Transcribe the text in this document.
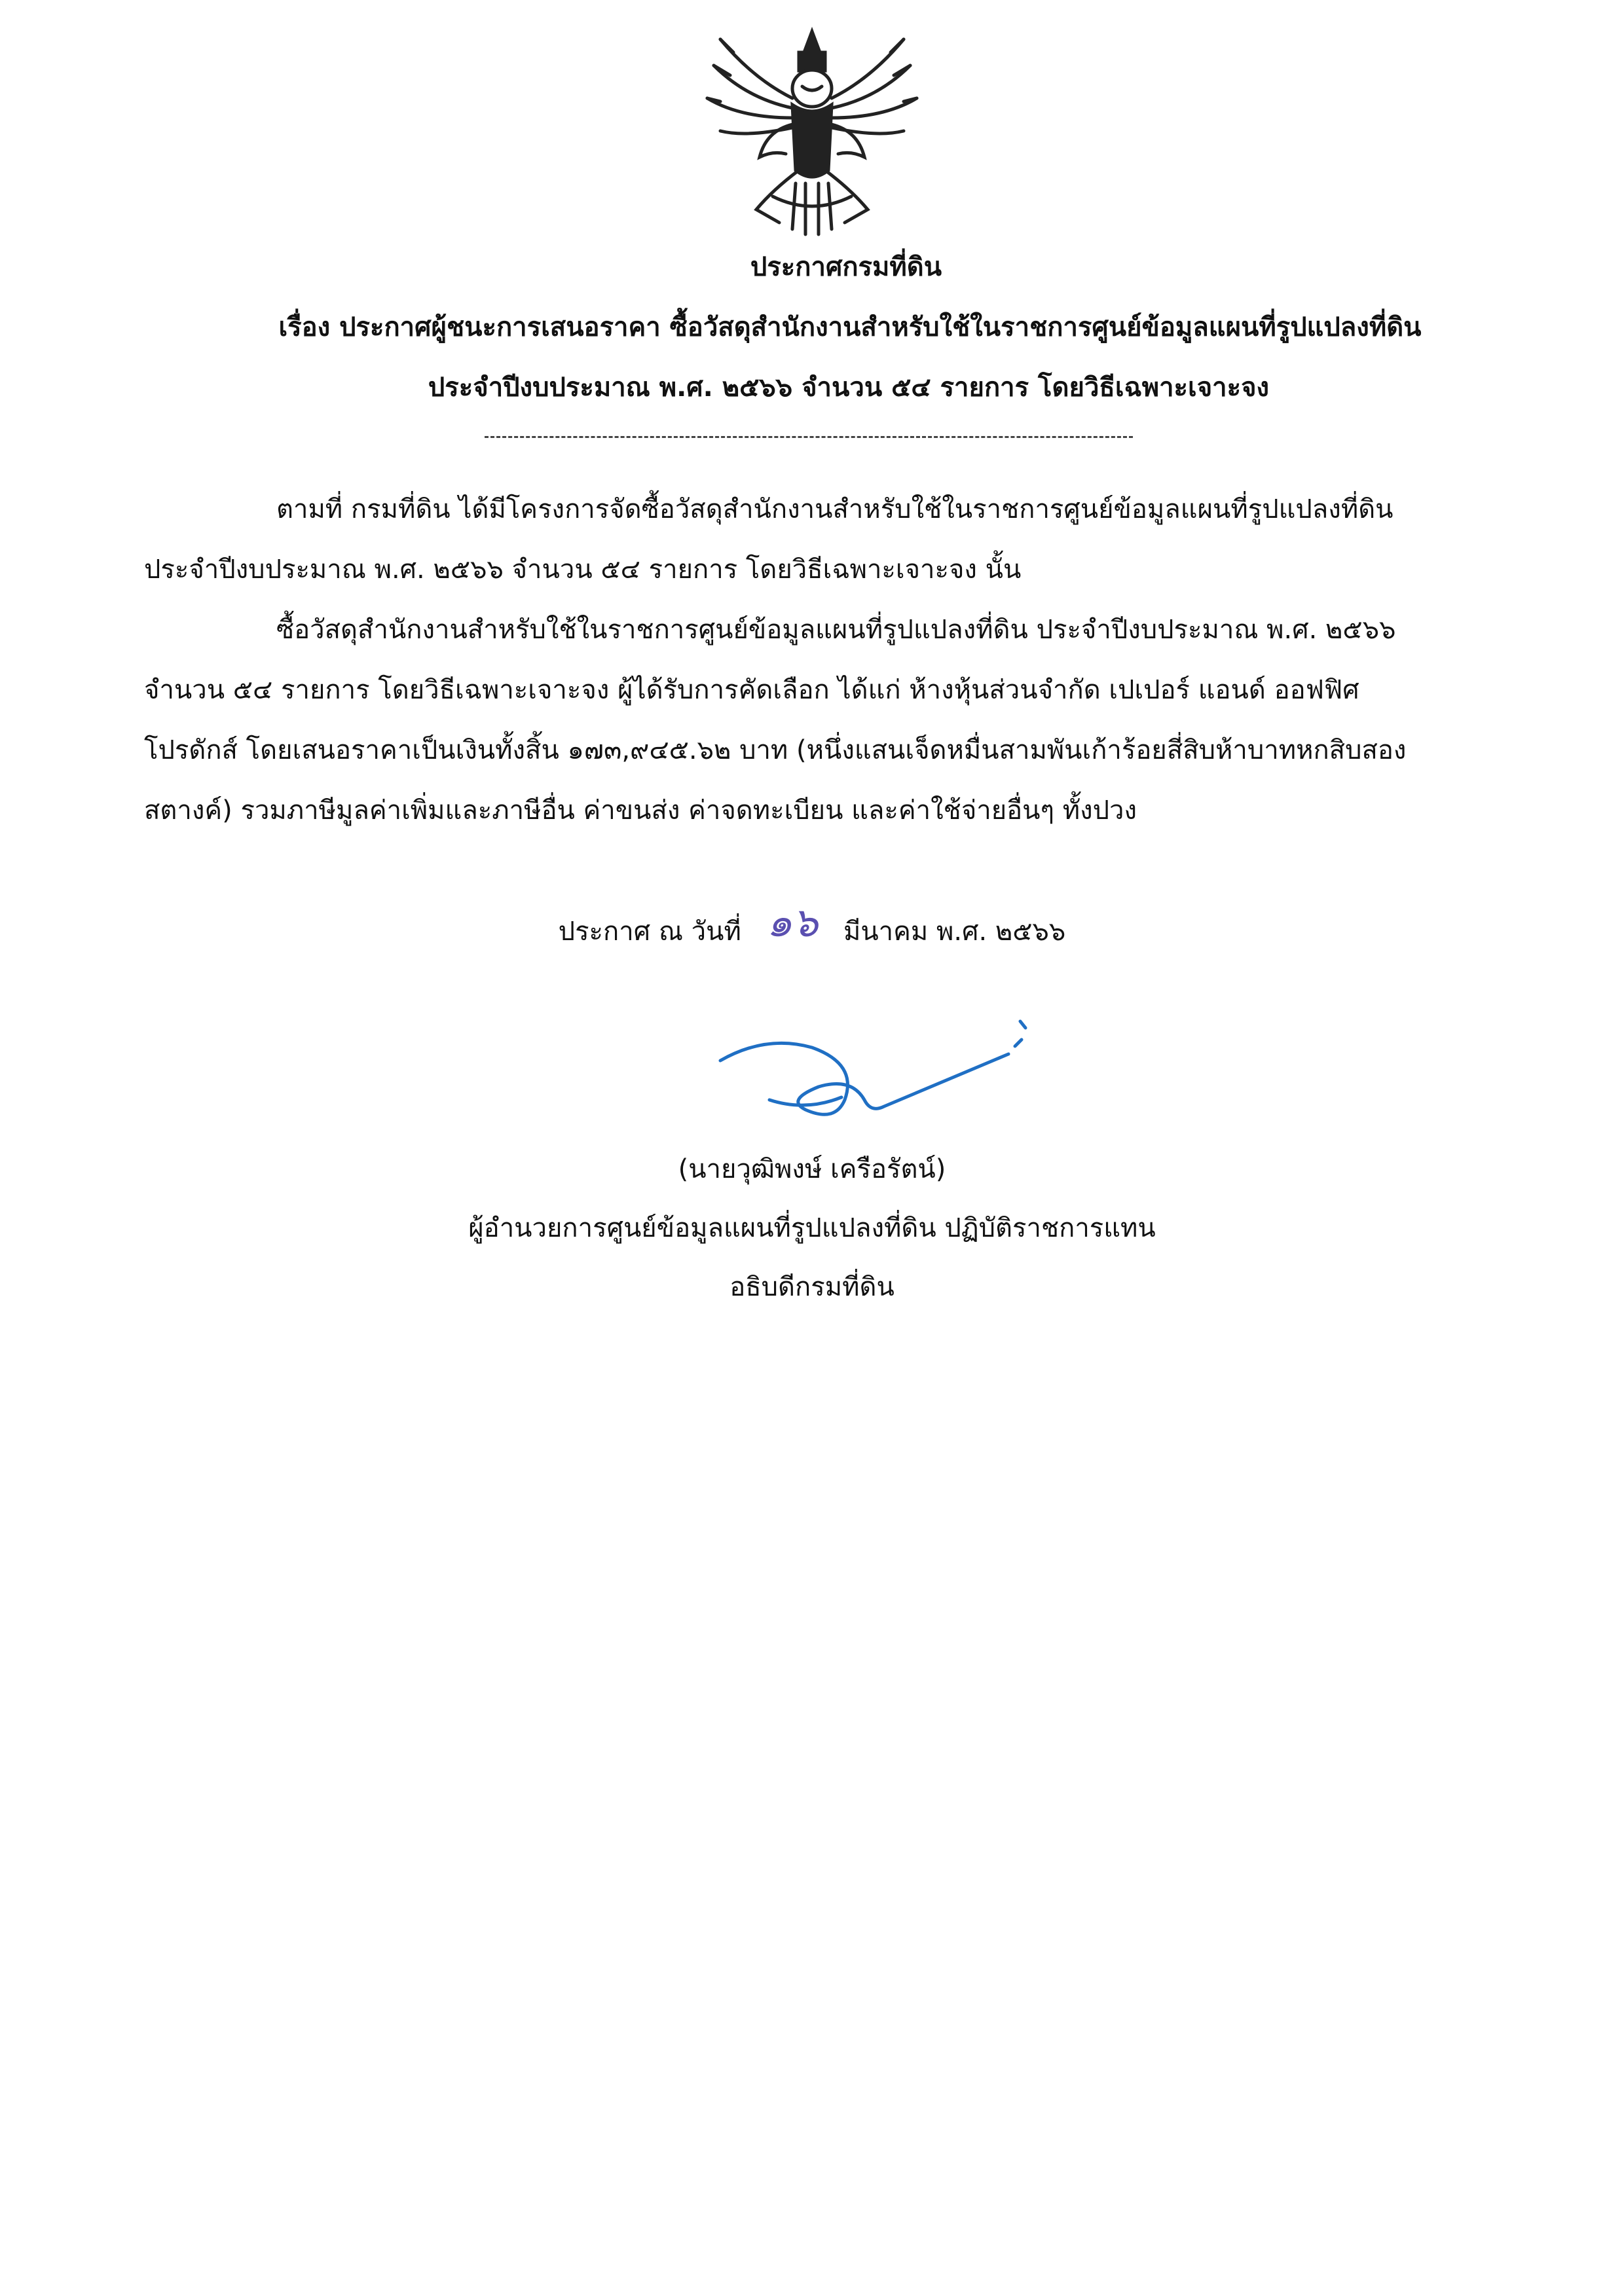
ประกาศกรมที่ดิน
เรื่อง ประกาศผู้ชนะการเสนอราคา ซื้อวัสดุสำนักงานสำหรับใช้ในราชการศูนย์ข้อมูลแผนที่รูปแปลงที่ดิน
ประจำปีงบประมาณ พ.ศ. ๒๕๖๖ จำนวน ๕๔ รายการ โดยวิธีเฉพาะเจาะจง
ตามที่ กรมที่ดิน ได้มีโครงการจัดซื้อวัสดุสำนักงานสำหรับใช้ในราชการศูนย์ข้อมูลแผนที่รูปแปลงที่ดิน
ประจำปีงบประมาณ พ.ศ. ๒๕๖๖ จำนวน ๕๔ รายการ โดยวิธีเฉพาะเจาะจง นั้น
ซื้อวัสดุสำนักงานสำหรับใช้ในราชการศูนย์ข้อมูลแผนที่รูปแปลงที่ดิน ประจำปีงบประมาณ พ.ศ. ๒๕๖๖
จำนวน ๕๔ รายการ โดยวิธีเฉพาะเจาะจง ผู้ได้รับการคัดเลือก ได้แก่ ห้างหุ้นส่วนจำกัด เปเปอร์ แอนด์ ออฟฟิศ
โปรดักส์ โดยเสนอราคาเป็นเงินทั้งสิ้น ๑๗๓,๙๔๕.๖๒ บาท (หนึ่งแสนเจ็ดหมื่นสามพันเก้าร้อยสี่สิบห้าบาทหกสิบสอง
สตางค์) รวมภาษีมูลค่าเพิ่มและภาษีอื่น ค่าขนส่ง ค่าจดทะเบียน และค่าใช้จ่ายอื่นๆ ทั้งปวง
ประกาศ ณ วันที่ ๑๖ มีนาคม พ.ศ. ๒๕๖๖
(นายวุฒิพงษ์ เครือรัตน์)
ผู้อำนวยการศูนย์ข้อมูลแผนที่รูปแปลงที่ดิน ปฏิบัติราชการแทน
อธิบดีกรมที่ดิน
